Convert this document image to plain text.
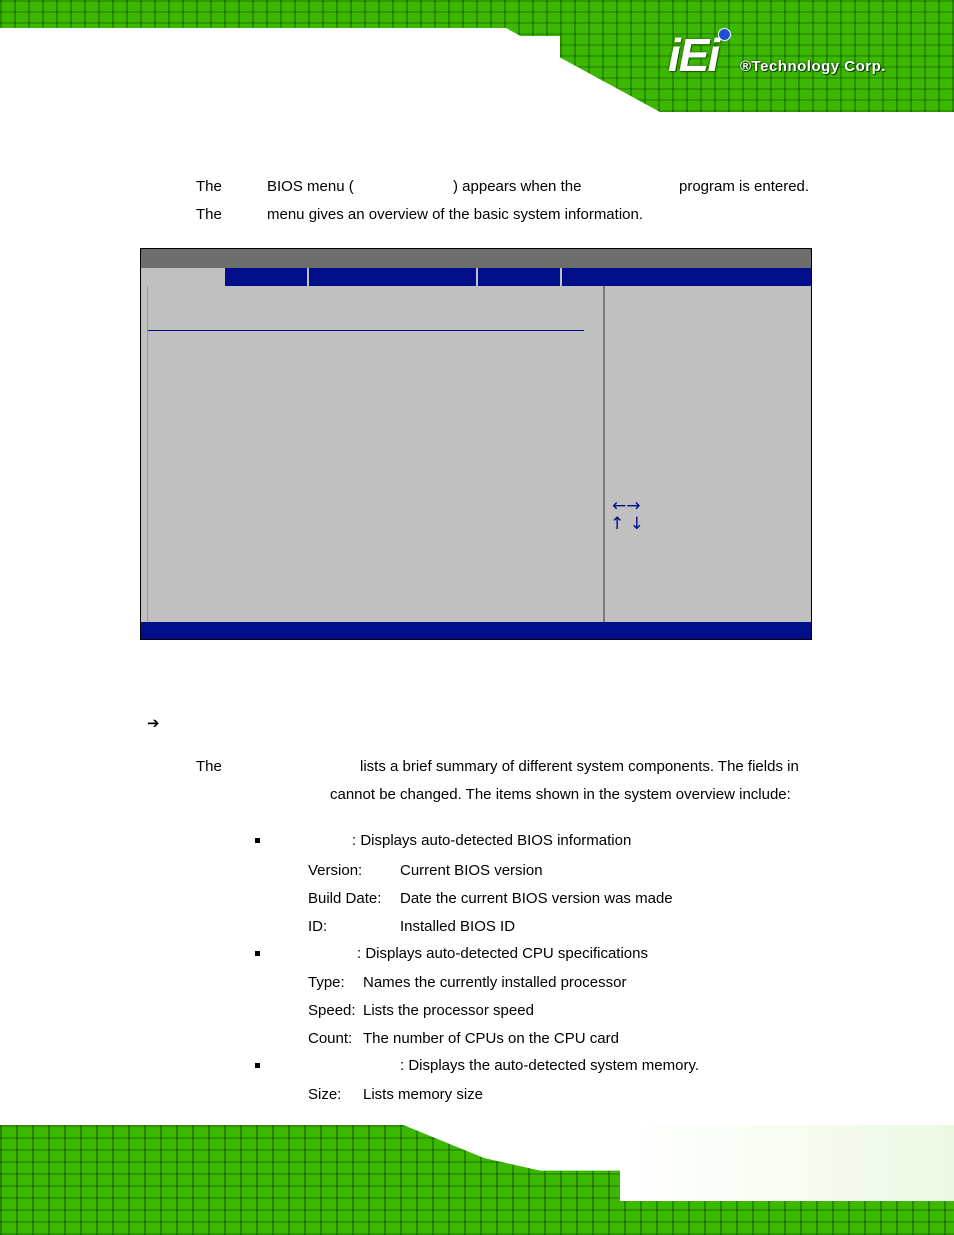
iEi ®Technology Corp.
The	BIOS menu (	) appears when the	program is entered.
The	menu gives an overview of the basic system information.
←→
↑ ↓
➔
The	lists a brief summary of different system components. The fields in
cannot be changed. The items shown in the system overview include:
: Displays auto-detected BIOS information
Version:	Current BIOS version
Build Date: Date the current BIOS version was made
ID:	Installed BIOS ID
: Displays auto-detected CPU specifications
Type: Names the currently installed processor
Speed: Lists the processor speed
Count: The number of CPUs on the CPU card
: Displays the auto-detected system memory.
Size: Lists memory size
